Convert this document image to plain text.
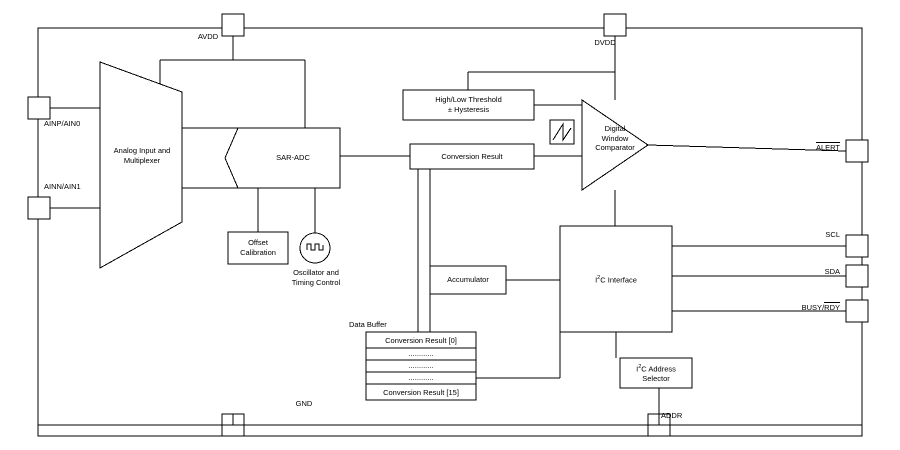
AVDD
DVDD
AINP/AIN0
AINN/AIN1
GND
ADDR
ALERT
SCL
SDA
BUSY/RDY
Analog Input and
Multiplexer	SAR-ADC
Offset
Calibration
Oscillator and
Timing Control
High/Low Threshold
± Hysteresis
Conversion Result
Digital
Window
Comparator
Accumulator	$I^2C$ Interface
$I^2C$ Address
Selector
Data Buffer
Conversion Result [0]
............
............
............
Conversion Result [15]
